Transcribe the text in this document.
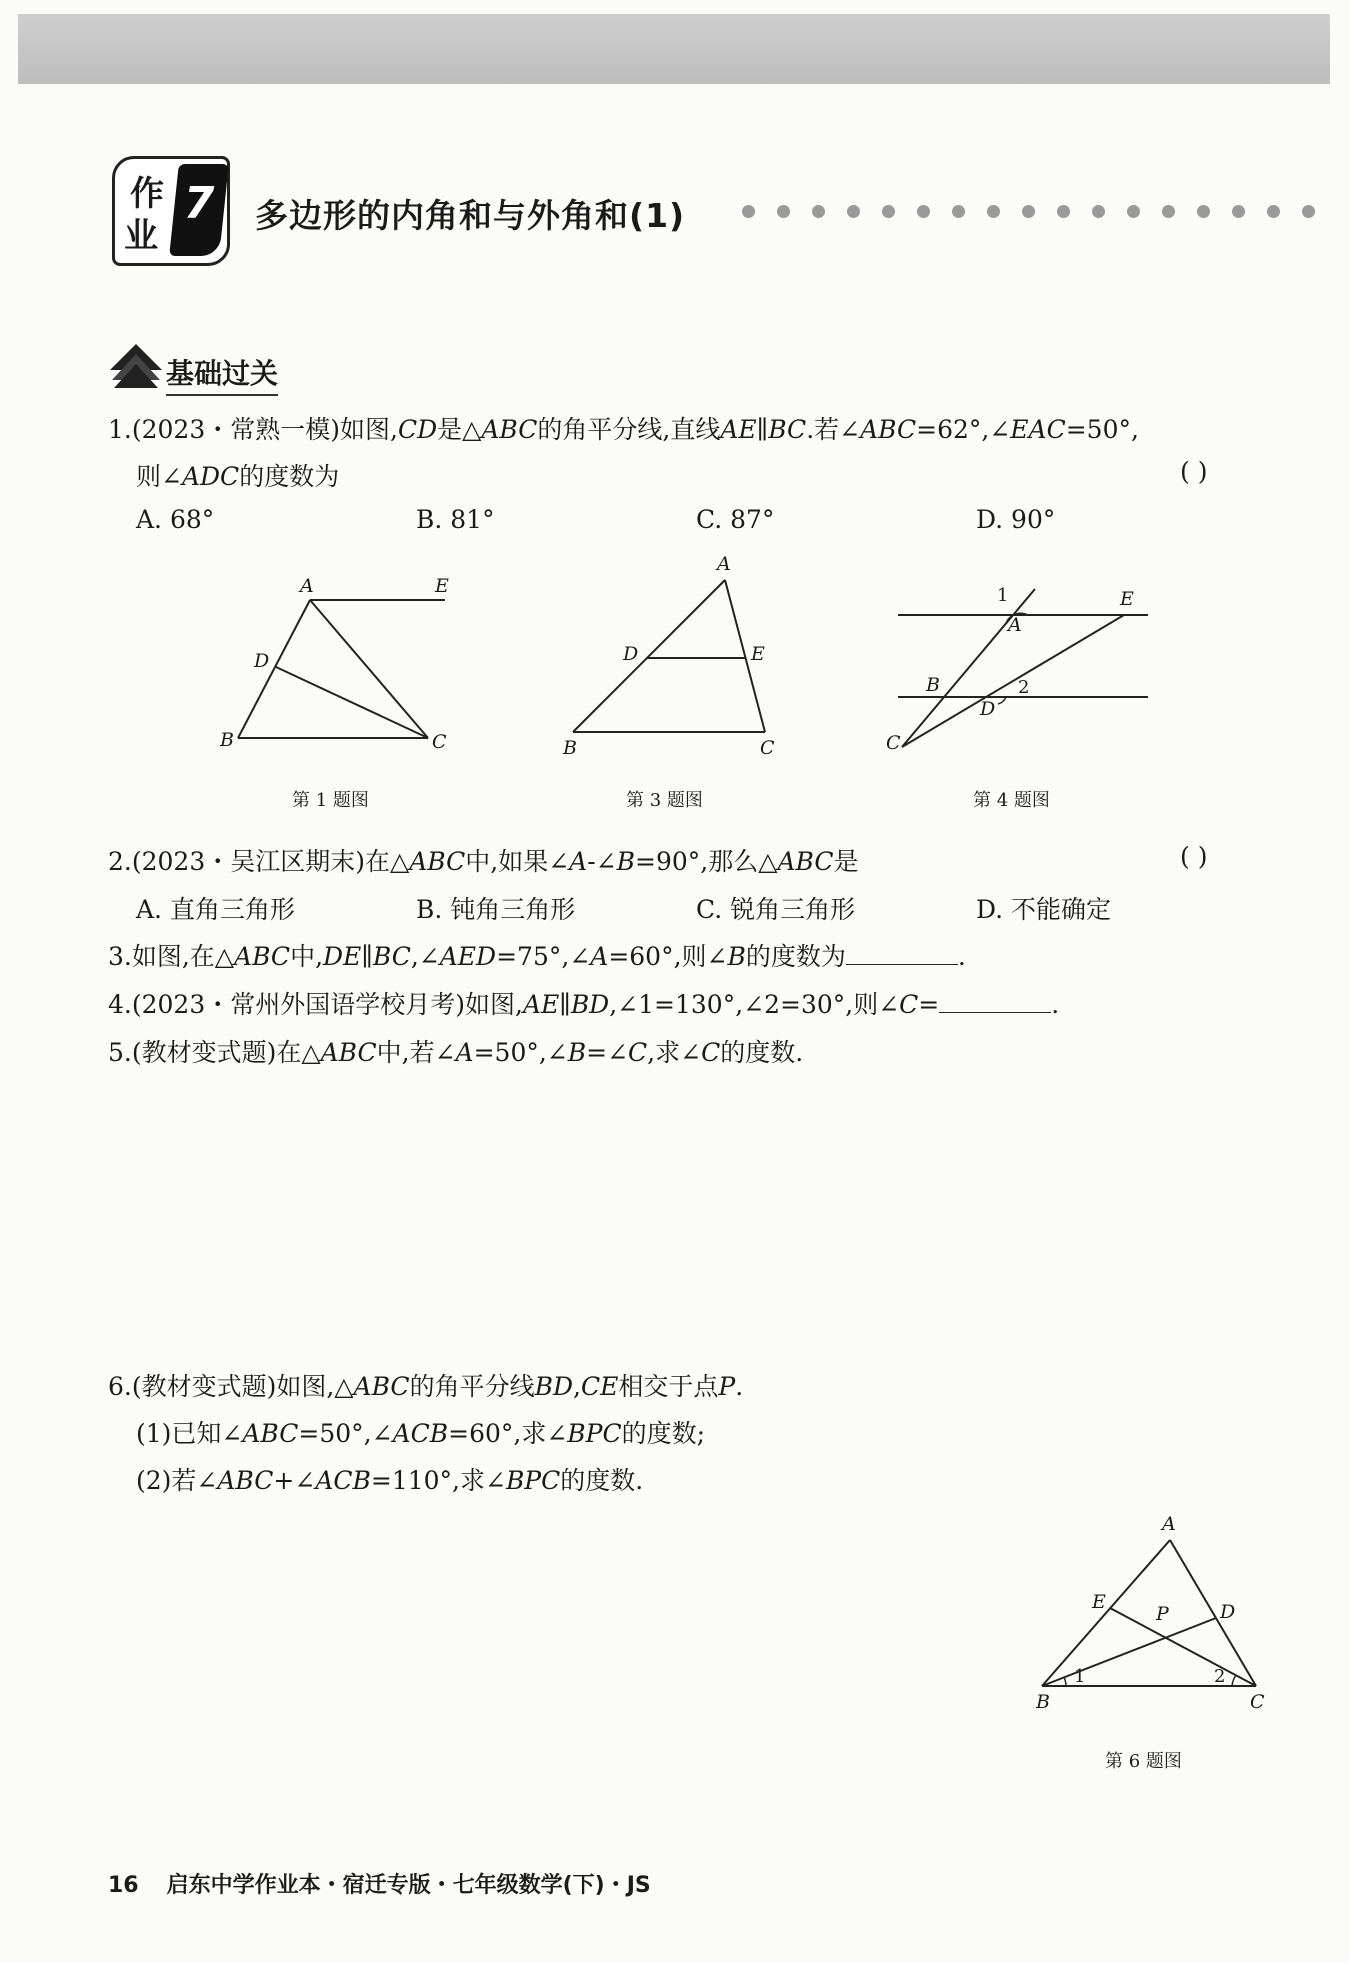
作
业
7 多边形的内角和与外角和(1)
基础过关
1.(2023・常熟一模)如图,CD是△ABC的角平分线,直线AE∥BC.若∠ABC=62°,∠EAC=50°,
则∠ADC的度数为	( )
A. 68°	B. 81°	C. 87°	D. 90°
A	E
D
B	C
第 1 题图
A
D	E
B	C
第 3 题图
1
A
E
B	2
D
C
第 4 题图
2.(2023・吴江区期末)在△ABC中,如果∠A-∠B=90°,那么△ABC是	( )
A. 直角三角形	B. 钝角三角形	C. 锐角三角形	D. 不能确定
3.如图,在△ABC中,DE∥BC,∠AED=75°,∠A=60°,则∠B的度数为	.
4.(2023・常州外国语学校月考)如图,AE∥BD,∠1=130°,∠2=30°,则∠C=	.
5.(教材变式题)在△ABC中,若∠A=50°,∠B=∠C,求∠C的度数.
6.(教材变式题)如图,△ABC的角平分线BD,CE相交于点P.
(1)已知∠ABC=50°,∠ACB=60°,求∠BPC的度数;
(2)若∠ABC+∠ACB=110°,求∠BPC的度数.
A
E	D
P
1	2
B	C
第 6 题图
16 启东中学作业本・宿迁专版・七年级数学(下)・JS
